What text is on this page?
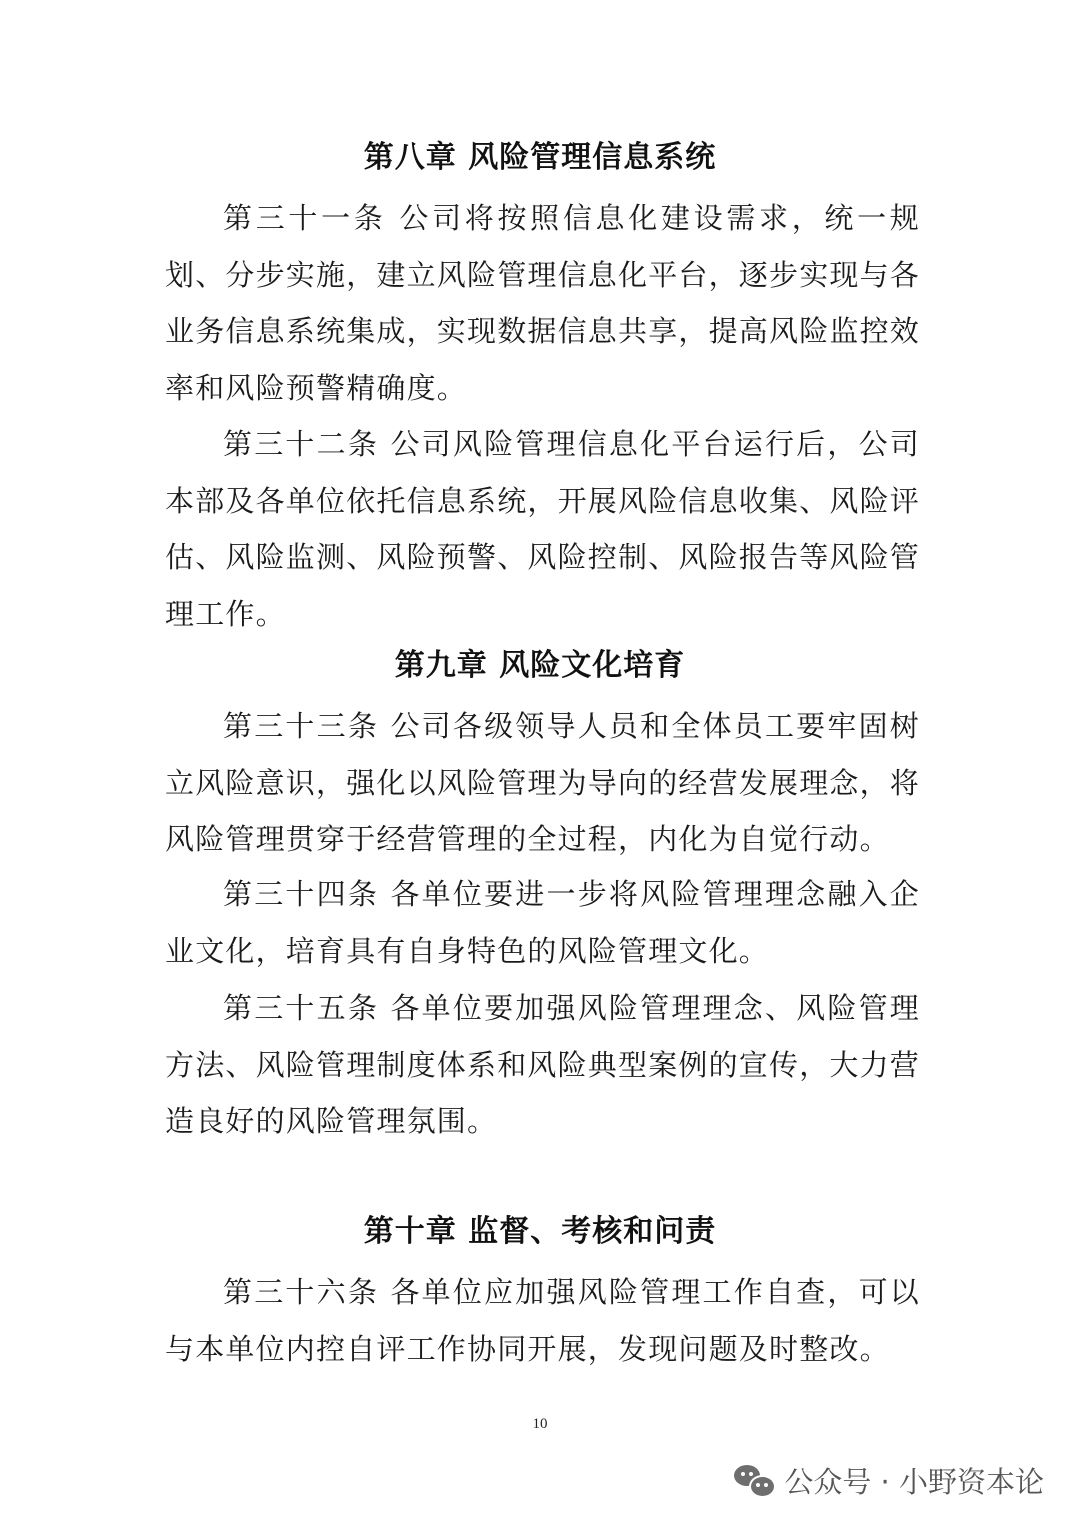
第八章 风险管理信息系统

第三十一条 公司将按照信息化建设需求，统一规划、分步实施，建立风险管理信息化平台，逐步实现与各业务信息系统集成，实现数据信息共享，提高风险监控效率和风险预警精确度。

第三十二条 公司风险管理信息化平台运行后，公司本部及各单位依托信息系统，开展风险信息收集、风险评估、风险监测、风险预警、风险控制、风险报告等风险管理工作。

第九章 风险文化培育

第三十三条 公司各级领导人员和全体员工要牢固树立风险意识，强化以风险管理为导向的经营发展理念，将风险管理贯穿于经营管理的全过程，内化为自觉行动。

第三十四条 各单位要进一步将风险管理理念融入企业文化，培育具有自身特色的风险管理文化。

第三十五条 各单位要加强风险管理理念、风险管理方法、风险管理制度体系和风险典型案例的宣传，大力营造良好的风险管理氛围。

第十章 监督、考核和问责

第三十六条 各单位应加强风险管理工作自查，可以与本单位内控自评工作协同开展，发现问题及时整改。

10
公众号 · 小野资本论
